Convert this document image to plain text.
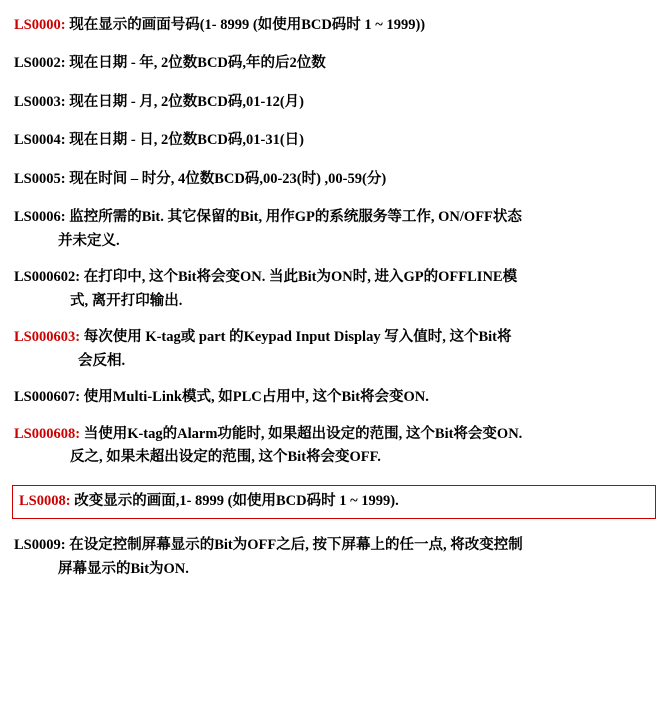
LS0000: 现在显示的画面号码(1- 8999 (如使用BCD码时 1 ~ 1999))
LS0002: 现在日期 - 年, 2位数BCD码,年的后2位数
LS0003: 现在日期 - 月, 2位数BCD码,01-12(月)
LS0004: 现在日期 - 日, 2位数BCD码,01-31(日)
LS0005: 现在时间 – 时分, 4位数BCD码,00-23(时) ,00-59(分)
LS0006: 监控所需的Bit. 其它保留的Bit, 用作GP的系统服务等工作, ON/OFF状态
并未定义.
LS000602: 在打印中, 这个Bit将会变ON. 当此Bit为ON时, 进入GP的OFFLINE模
式, 离开打印输出.
LS000603: 每次使用 K-tag或 part 的Keypad Input Display 写入值时, 这个Bit将
会反相.
LS000607: 使用Multi-Link模式, 如PLC占用中, 这个Bit将会变ON.
LS000608: 当使用K-tag的Alarm功能时, 如果超出设定的范围, 这个Bit将会变ON.
反之, 如果未超出设定的范围, 这个Bit将会变OFF.
LS0008: 改变显示的画面,1- 8999 (如使用BCD码时 1 ~ 1999).
LS0009: 在设定控制屏幕显示的Bit为OFF之后, 按下屏幕上的任一点, 将改变控制
屏幕显示的Bit为ON.
